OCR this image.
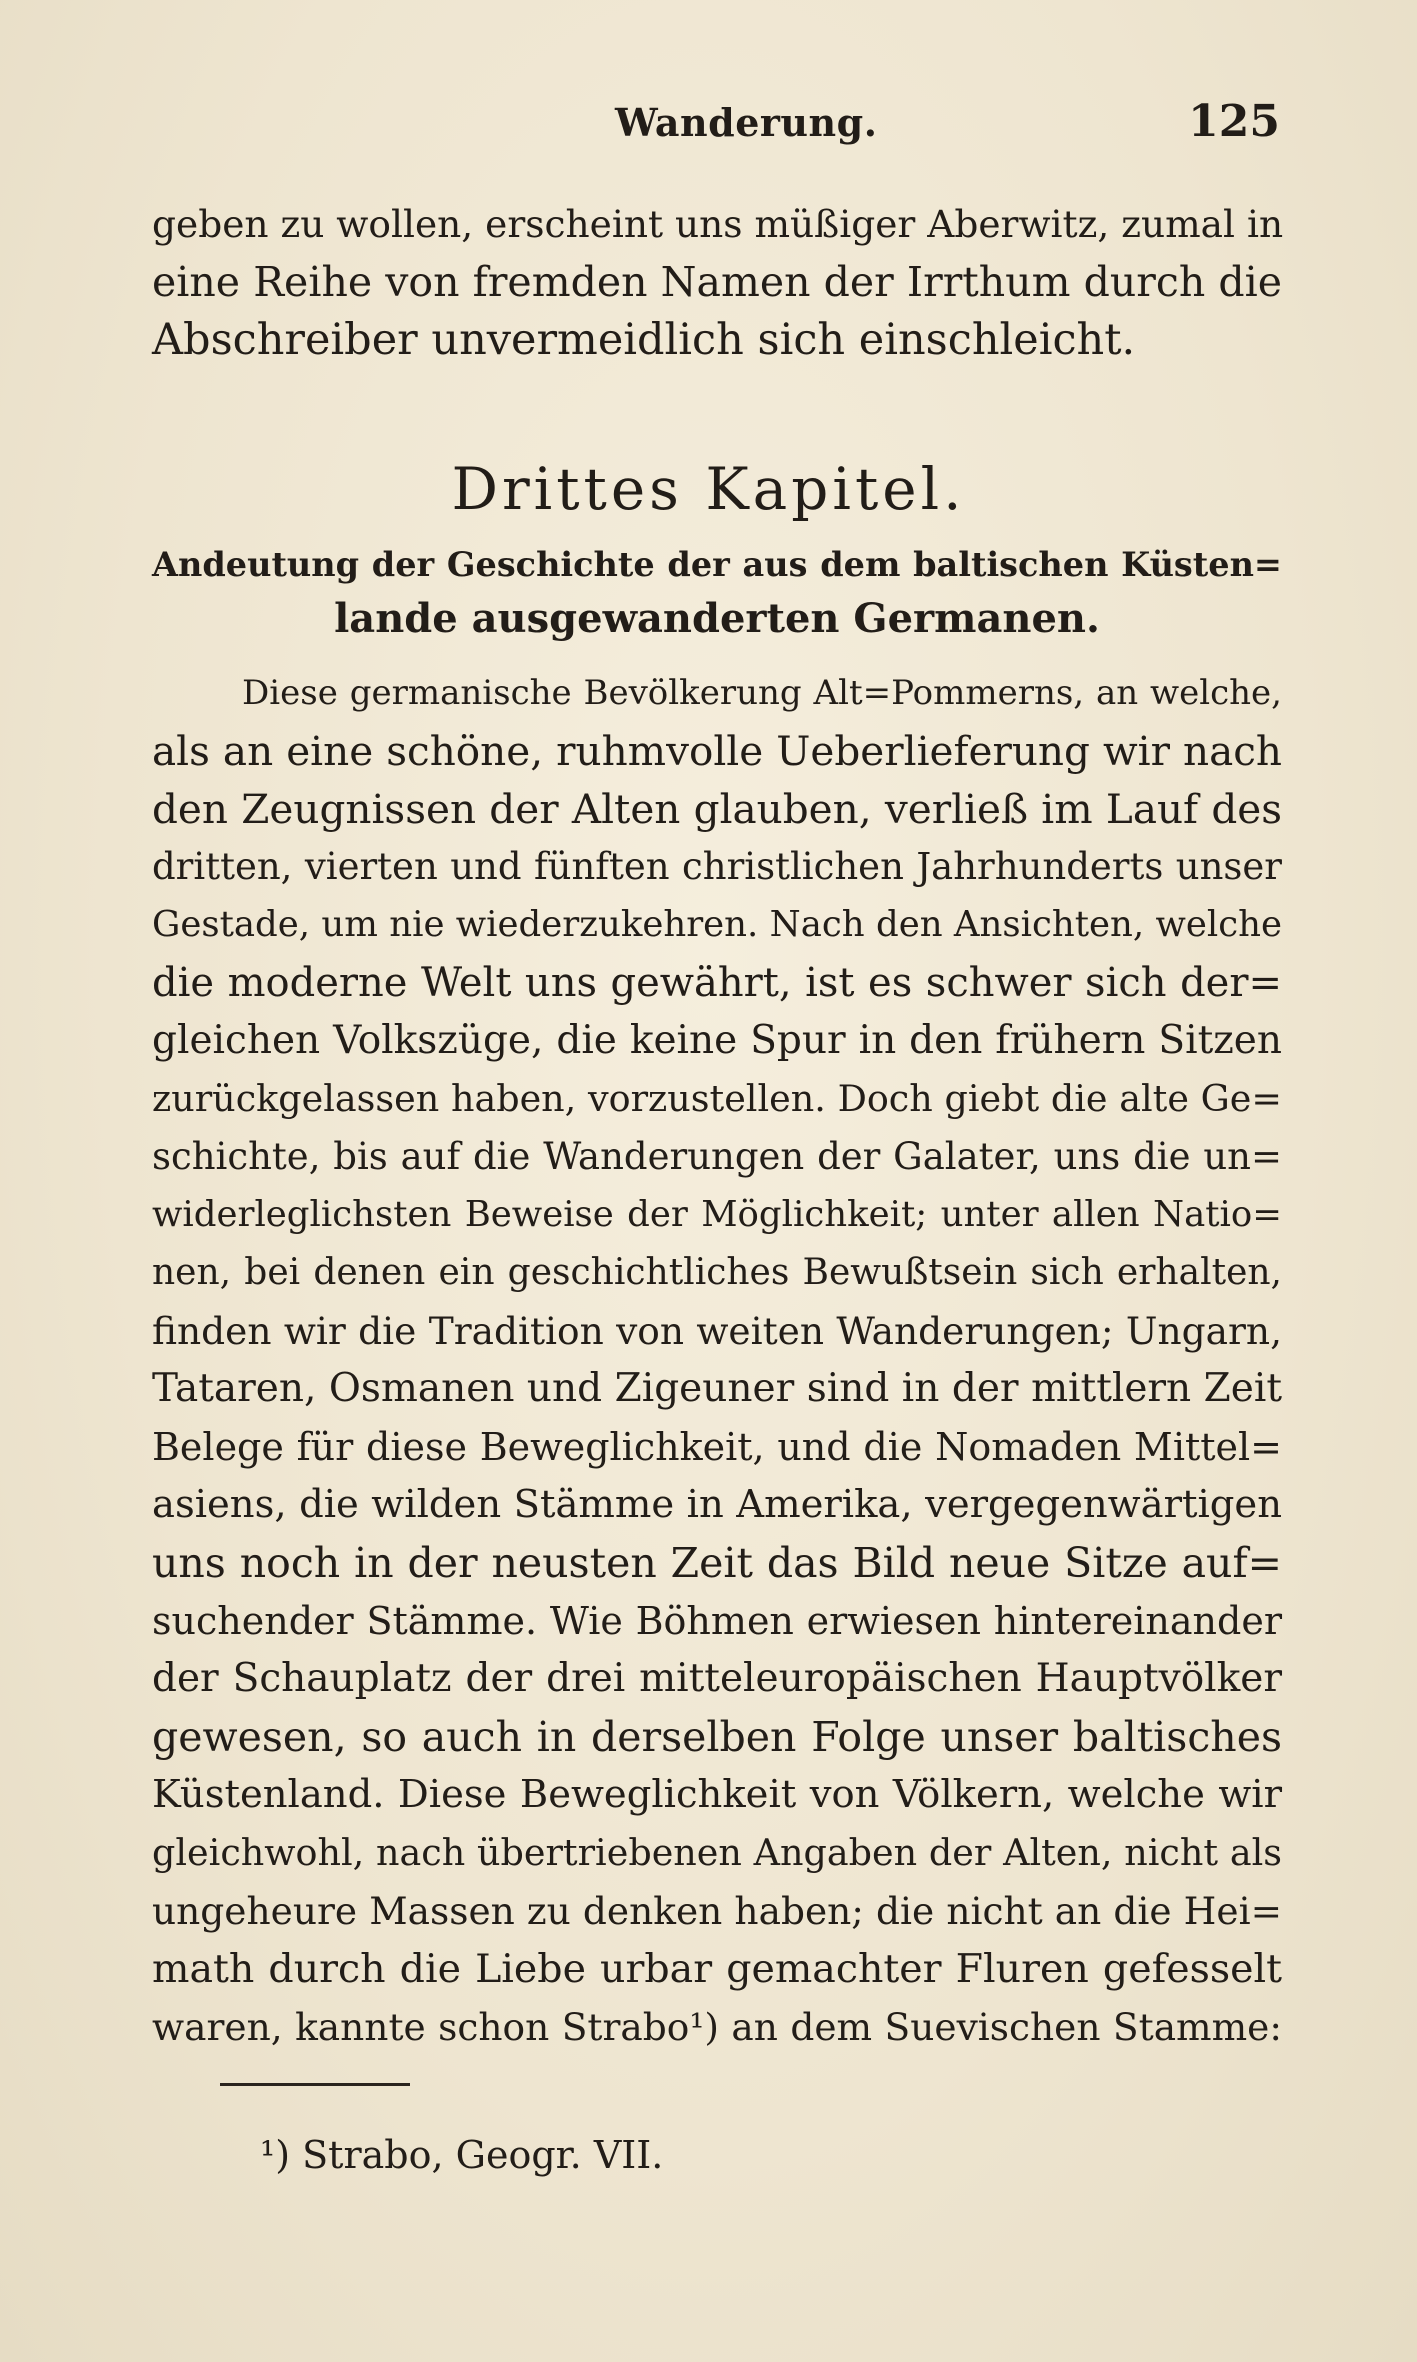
Wanderung.	125
geben zu wollen, erscheint uns müßiger Aberwitz, zumal in
eine Reihe von fremden Namen der Irrthum durch die
Abschreiber unvermeidlich sich einschleicht.
Drittes Kapitel.
Andeutung der Geschichte der aus dem baltischen Küsten=
lande ausgewanderten Germanen.
Diese germanische Bevölkerung Alt=Pommerns, an welche,
als an eine schöne, ruhmvolle Ueberlieferung wir nach
den Zeugnissen der Alten glauben, verließ im Lauf des
dritten, vierten und fünften christlichen Jahrhunderts unser
Gestade, um nie wiederzukehren. Nach den Ansichten, welche
die moderne Welt uns gewährt, ist es schwer sich der=
gleichen Volkszüge, die keine Spur in den frühern Sitzen
zurückgelassen haben, vorzustellen. Doch giebt die alte Ge=
schichte, bis auf die Wanderungen der Galater, uns die un=
widerleglichsten Beweise der Möglichkeit; unter allen Natio=
nen, bei denen ein geschichtliches Bewußtsein sich erhalten,
finden wir die Tradition von weiten Wanderungen; Ungarn,
Tataren, Osmanen und Zigeuner sind in der mittlern Zeit
Belege für diese Beweglichkeit, und die Nomaden Mittel=
asiens, die wilden Stämme in Amerika, vergegenwärtigen
uns noch in der neusten Zeit das Bild neue Sitze auf=
suchender Stämme. Wie Böhmen erwiesen hintereinander
der Schauplatz der drei mitteleuropäischen Hauptvölker
gewesen, so auch in derselben Folge unser baltisches
Küstenland. Diese Beweglichkeit von Völkern, welche wir
gleichwohl, nach übertriebenen Angaben der Alten, nicht als
ungeheure Massen zu denken haben; die nicht an die Hei=
math durch die Liebe urbar gemachter Fluren gefesselt
waren, kannte schon Strabo¹) an dem Suevischen Stamme:
¹) Strabo, Geogr. VII.
